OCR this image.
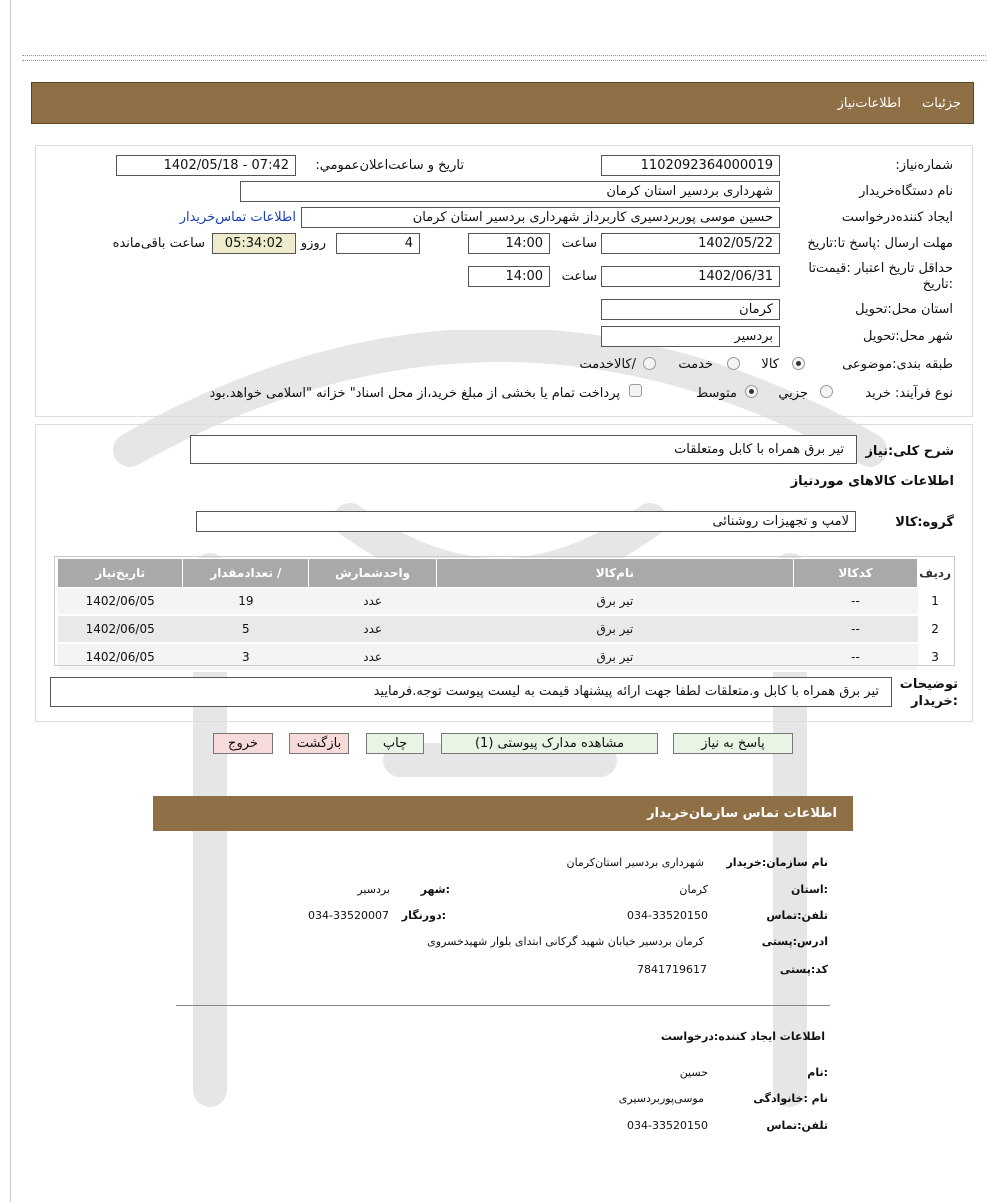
جزئیات
اطلاعات‌نیاز
شماره‌نیاز:
1102092364000019
تاریخ و ساعت‌اعلان‌عمومي:
1402/05/18 - 07:42
نام دستگاه‌خریدار
شهرداری بردسیر استان کرمان
ایجاد کننده‌درخواست
حسین موسی پوربردسیری کاربرداز شهرداری بردسیر استان کرمان
اطلاعات تماس‌خریدار
مهلت ارسال :پاسخ تا:تاریخ
1402/05/22
ساعت
14:00
4
روزو
05:34:02
ساعت باقی‌مانده
حداقل تاریخ اعتبار :قیمت‌تا
:تاریخ
1402/06/31
ساعت
14:00
استان محل:تحویل
کرمان
شهر محل:تحویل
بردسیر
طبقه بندی:موضوعی
کالا
خدمت
/کالاخدمت
نوع فرآیند: خرید
جزیي
متوسط
پرداخت تمام یا بخشی از مبلغ خرید،از محل اسناد" خزانه "اسلامی خواهد.بود
شرح کلی:نیاز
تیر برق همراه با کابل ومتعلقات
اطلاعات کالاهای موردنیاز
گروه:کالا
لامپ و تجهیزات روشنائی
ردیف	کدکالا	نام‌کالا	واحدشمارش	/ تعدادمقدار	تاریخ‌نیاز
1	--	تیر برق	عدد	19	1402/06/05
2	--	تیر برق	عدد	5	1402/06/05
3	--	تیر برق	عدد	3	1402/06/05
توضیحات
:خریدار
تیر برق همراه با کابل و.متعلقات لطفا جهت ارائه پیشنهاد قیمت به لیست پیوست توجه.فرمایید
پاسخ به نیاز
مشاهده مدارک پیوستی (1)
چاپ
بازگشت
خروج
اطلاعات تماس سازمان‌خریدار
نام سازمان:خریدار
شهرداری بردسیر استان‌کرمان
:استان
کرمان
:شهر
بردسیر
تلفن:تماس
034-33520150
:دورنگار
034-33520007
ادرس:پستی
کرمان بردسیر خیابان شهید گرکانی ابتدای بلوار شهیدخسروی
کد:پستی
7841719617
اطلاعات ایجاد کننده:درخواست
:نام
حسین
نام :خانوادگی
موسی‌پوربردسیری
تلفن:تماس
034-33520150
